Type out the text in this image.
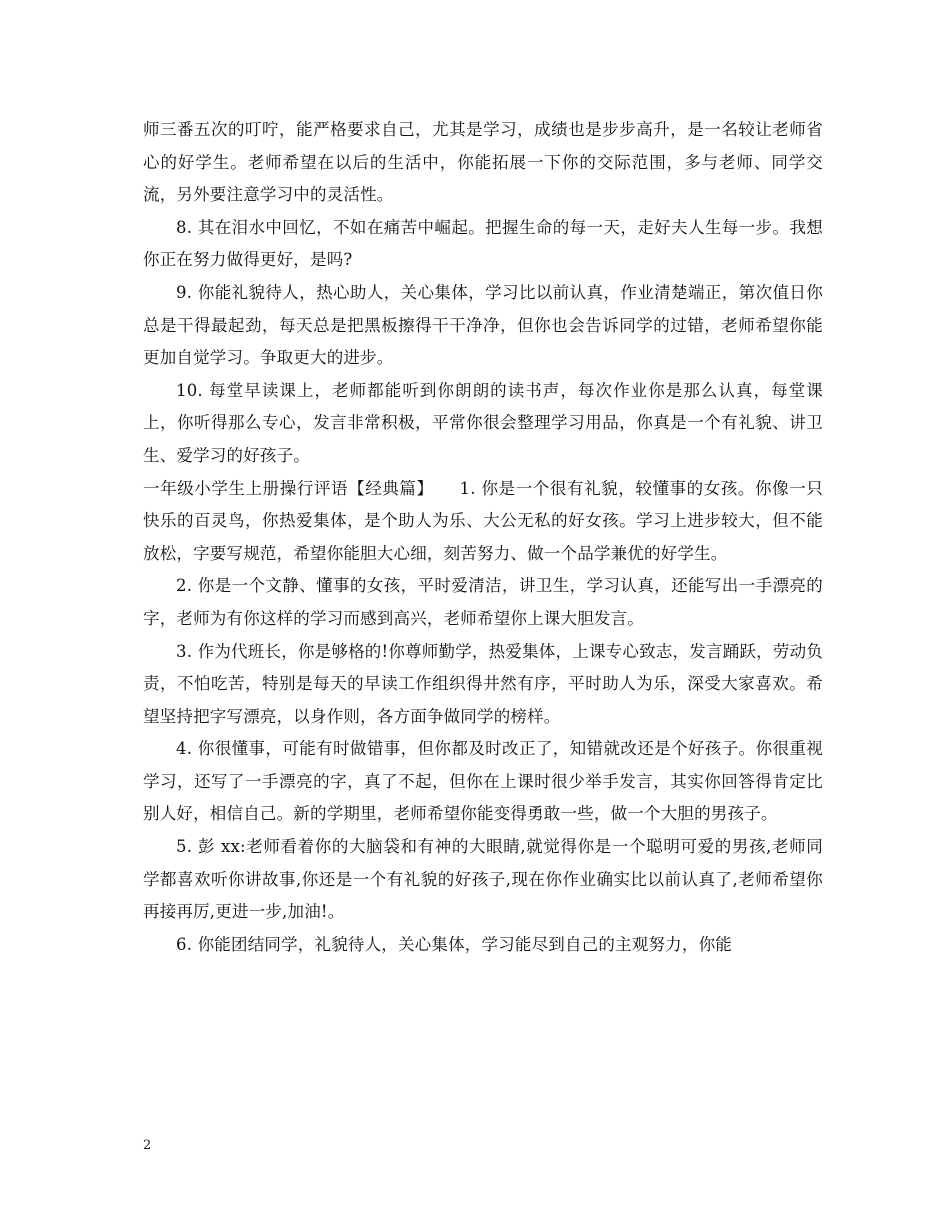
师三番五次的叮咛，能严格要求自己，尤其是学习，成绩也是步步高升，是一名较让老师省心的好学生。老师希望在以后的生活中，你能拓展一下你的交际范围，多与老师、同学交流，另外要注意学习中的灵活性。

8. 其在泪水中回忆，不如在痛苦中崛起。把握生命的每一天，走好夫人生每一步。我想你正在努力做得更好，是吗?

9. 你能礼貌待人，热心助人，关心集体，学习比以前认真，作业清楚端正，第次值日你总是干得最起劲，每天总是把黑板擦得干干净净，但你也会告诉同学的过错，老师希望你能更加自觉学习。争取更大的进步。

10. 每堂早读课上，老师都能听到你朗朗的读书声，每次作业你是那么认真，每堂课上，你听得那么专心，发言非常积极，平常你很会整理学习用品，你真是一个有礼貌、讲卫生、爱学习的好孩子。

一年级小学生上册操行评语【经典篇】　　1. 你是一个很有礼貌，较懂事的女孩。你像一只快乐的百灵鸟，你热爱集体，是个助人为乐、大公无私的好女孩。学习上进步较大，但不能放松，字要写规范，希望你能胆大心细，刻苦努力、做一个品学兼优的好学生。

2. 你是一个文静、懂事的女孩，平时爱清洁，讲卫生，学习认真，还能写出一手漂亮的字，老师为有你这样的学习而感到高兴，老师希望你上课大胆发言。

3. 作为代班长，你是够格的!你尊师勤学，热爱集体，上课专心致志，发言踊跃，劳动负责，不怕吃苦，特别是每天的早读工作组织得井然有序，平时助人为乐，深受大家喜欢。希望坚持把字写漂亮，以身作则，各方面争做同学的榜样。

4. 你很懂事，可能有时做错事，但你都及时改正了，知错就改还是个好孩子。你很重视学习，还写了一手漂亮的字，真了不起，但你在上课时很少举手发言，其实你回答得肯定比别人好，相信自己。新的学期里，老师希望你能变得勇敢一些，做一个大胆的男孩子。

5. 彭 xx:老师看着你的大脑袋和有神的大眼睛,就觉得你是一个聪明可爱的男孩,老师同学都喜欢听你讲故事,你还是一个有礼貌的好孩子,现在你作业确实比以前认真了,老师希望你再接再厉,更进一步,加油!。

6. 你能团结同学，礼貌待人，关心集体，学习能尽到自己的主观努力，你能

2
